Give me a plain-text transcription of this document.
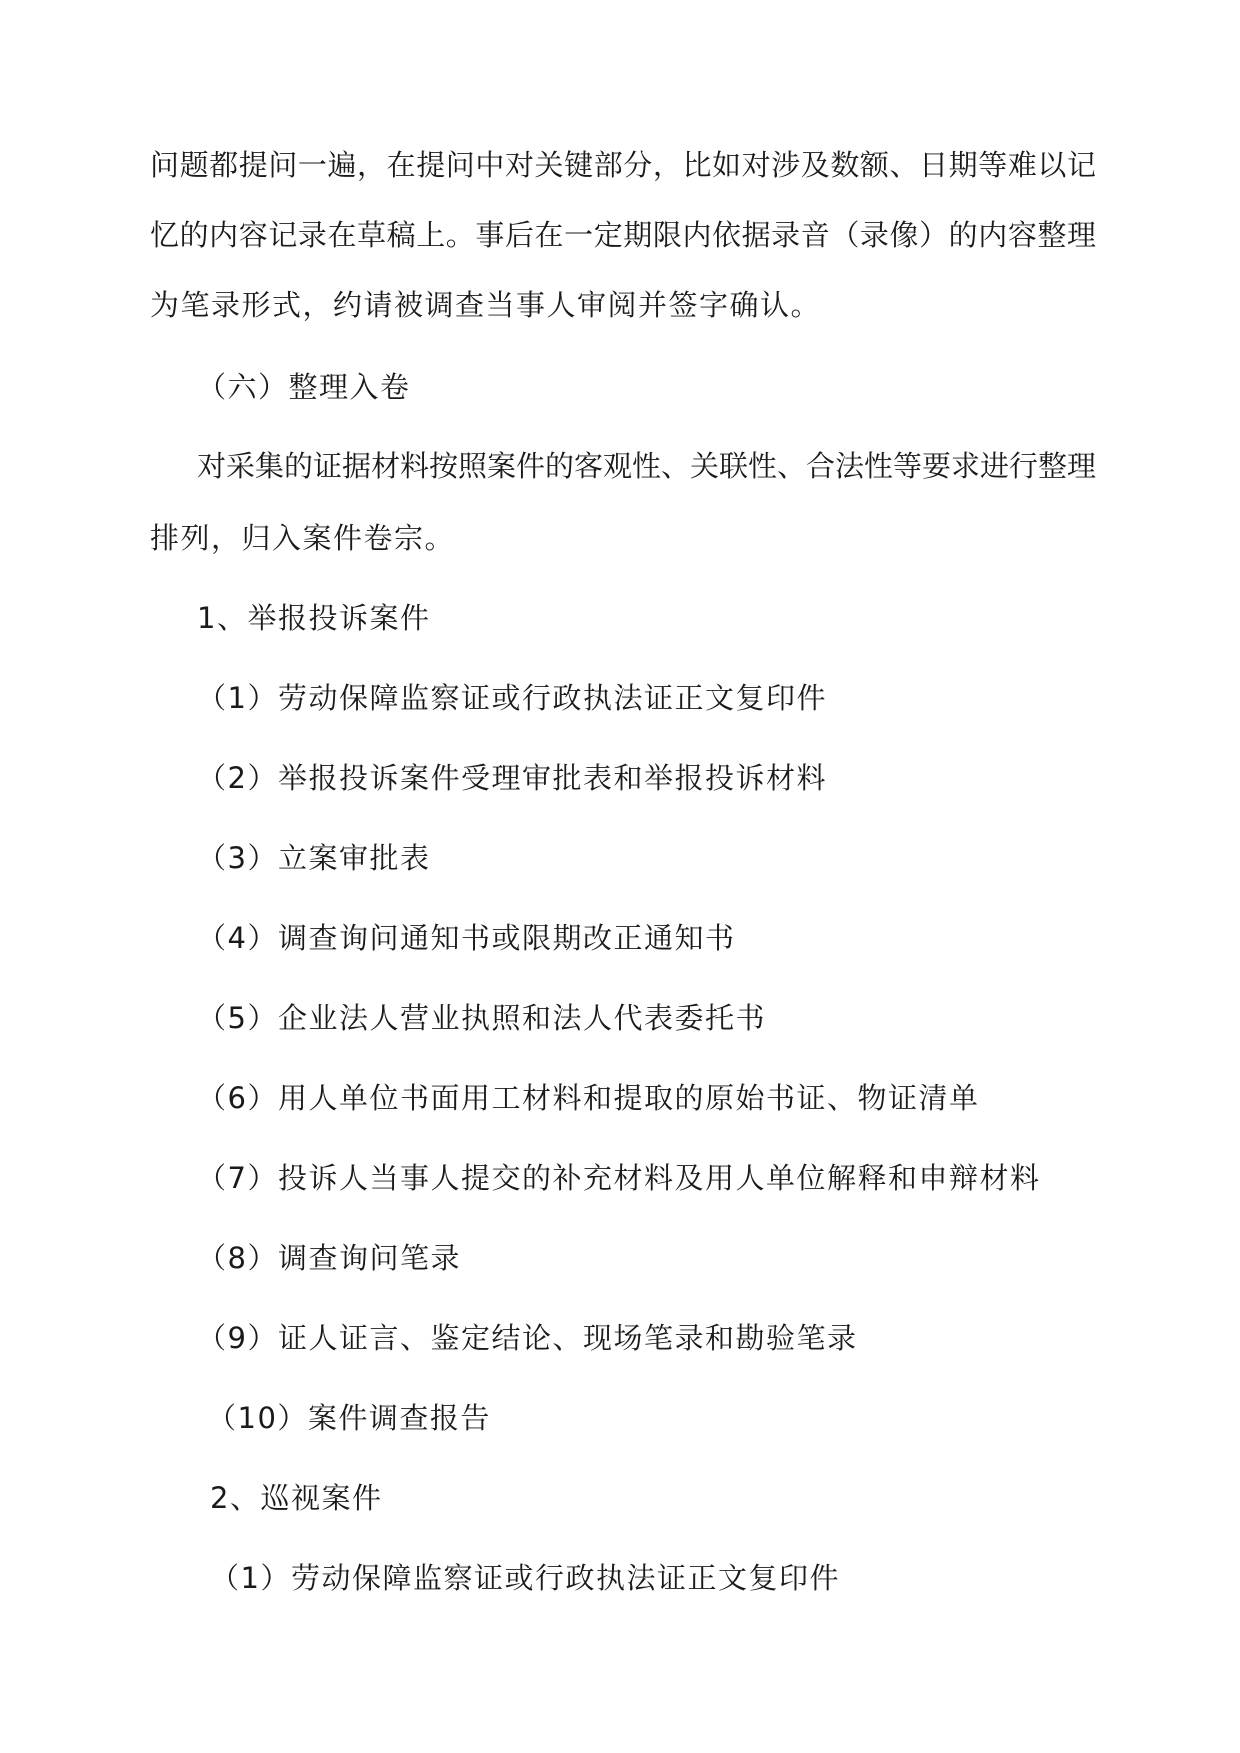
问题都提问一遍，在提问中对关键部分，比如对涉及数额、日期等难以记
忆的内容记录在草稿上。事后在一定期限内依据录音（录像）的内容整理
为笔录形式，约请被调查当事人审阅并签字确认。
（六）整理入卷
对采集的证据材料按照案件的客观性、关联性、合法性等要求进行整理
排列，归入案件卷宗。
1、举报投诉案件
（1）劳动保障监察证或行政执法证正文复印件
（2）举报投诉案件受理审批表和举报投诉材料
（3）立案审批表
（4）调查询问通知书或限期改正通知书
（5）企业法人营业执照和法人代表委托书
（6）用人单位书面用工材料和提取的原始书证、物证清单
（7）投诉人当事人提交的补充材料及用人单位解释和申辩材料
（8）调查询问笔录
（9）证人证言、鉴定结论、现场笔录和勘验笔录
（10）案件调查报告
2、巡视案件
（1）劳动保障监察证或行政执法证正文复印件
